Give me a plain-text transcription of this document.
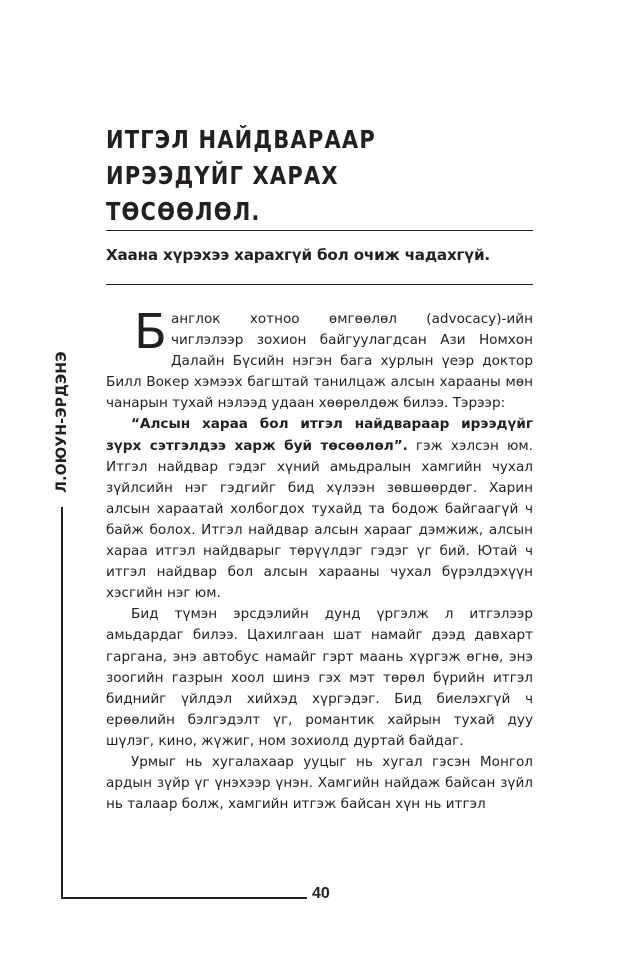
Л.ОЮУН-ЭРДЭНЭ
40
ИТГЭЛ НАЙДВАРААР ИРЭЭДҮЙГ ХАРАХ ТӨСӨӨЛӨЛ.

Хаана хүрэхээ харахгүй бол очиж чадахгүй.

Банглок хотноо өмгөөлөл (advocacy)-ийн чиглэлээр зохион байгуулагдсан Ази Номхон Далайн Бүсийн нэгэн бага хурлын үеэр доктор Билл Вокер хэмээх багштай танилцаж алсын харааны мөн чанарын тухай нэлээд удаан хөөрөлдөж билээ. Тэрээр:

“Алсын хараа бол итгэл найдвараар ирээдүйг зүрх сэтгэлдээ харж буй төсөөлөл”. гэж хэлсэн юм. Итгэл найдвар гэдэг хүний амьдралын хамгийн чухал зүйлсийн нэг гэдгийг бид хүлээн зөвшөөрдөг. Харин алсын хараатай холбогдох тухайд та бодож байгаагүй ч байж болох. Итгэл найдвар алсын харааг дэмжиж, алсын хараа итгэл найдварыг төрүүлдэг гэдэг үг бий. Ютай ч итгэл найдвар бол алсын харааны чухал бүрэлдэхүүн хэсгийн нэг юм.

Бид түмэн эрсдэлийн дунд үргэлж л итгэлээр амьдардаг билээ. Цахилгаан шат намайг дээд давхарт гаргана, энэ автобус намайг гэрт маань хүргэж өгнө, энэ зоогийн газрын хоол шинэ гэх мэт төрөл бүрийн итгэл биднийг үйлдэл хийхэд хүргэдэг. Бид биелэхгүй ч ерөөлийн бэлгэдэлт үг, романтик хайрын тухай дуу шүлэг, кино, жүжиг, ном зохиолд дуртай байдаг.

Урмыг нь хугалахаар ууцыг нь хугал гэсэн Монгол ардын зүйр үг үнэхээр үнэн. Хамгийн найдаж байсан зүйл нь талаар болж, хамгийн итгэж байсан хүн нь итгэл
